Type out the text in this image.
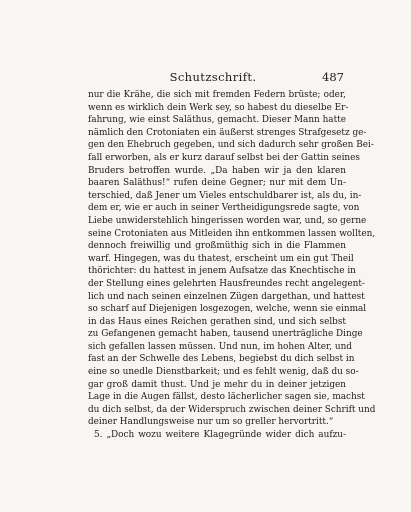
Schutzschrift.	487
nur die Krähe, die sich mit fremden Federn brüste; oder,
wenn es wirklich dein Werk sey, so habest du dieselbe Er-
fahrung, wie einst Saläthus, gemacht. Dieser Mann hatte
nämlich den Crotoniaten ein äußerst strenges Strafgesetz ge-
gen den Ehebruch gegeben, und sich dadurch sehr großen Bei-
fall erworben, als er kurz darauf selbst bei der Gattin seines
Bruders betroffen wurde. „Da haben wir ja den klaren
baaren Saläthus!“ rufen deine Gegner; nur mit dem Un-
terschied, daß Jener um Vieles entschuldbarer ist, als du, in-
dem er, wie er auch in seiner Vertheidigungsrede sagte, von
Liebe unwiderstehlich hingerissen worden war, und, so gerne
seine Crotoniaten aus Mitleiden ihn entkommen lassen wollten,
dennoch freiwillig und großmüthig sich in die Flammen
warf. Hingegen, was du thatest, erscheint um ein gut Theil
thörichter: du hattest in jenem Aufsatze das Knechtische in
der Stellung eines gelehrten Hausfreundes recht angelegent-
lich und nach seinen einzelnen Zügen dargethan, und hattest
so scharf auf Diejenigen losgezogen, welche, wenn sie einmal
in das Haus eines Reichen gerathen sind, und sich selbst
zu Gefangenen gemacht haben, tausend unerträgliche Dinge
sich gefallen lassen müssen. Und nun, im hohen Alter, und
fast an der Schwelle des Lebens, begiebst du dich selbst in
eine so unedle Dienstbarkeit; und es fehlt wenig, daß du so-
gar groß damit thust. Und je mehr du in deiner jetzigen
Lage in die Augen fällst, desto lächerlicher sagen sie, machst
du dich selbst, da der Widerspruch zwischen deiner Schrift und
deiner Handlungsweise nur um so greller hervortritt.“
5. „Doch wozu weitere Klagegründe wider dich aufzu-
